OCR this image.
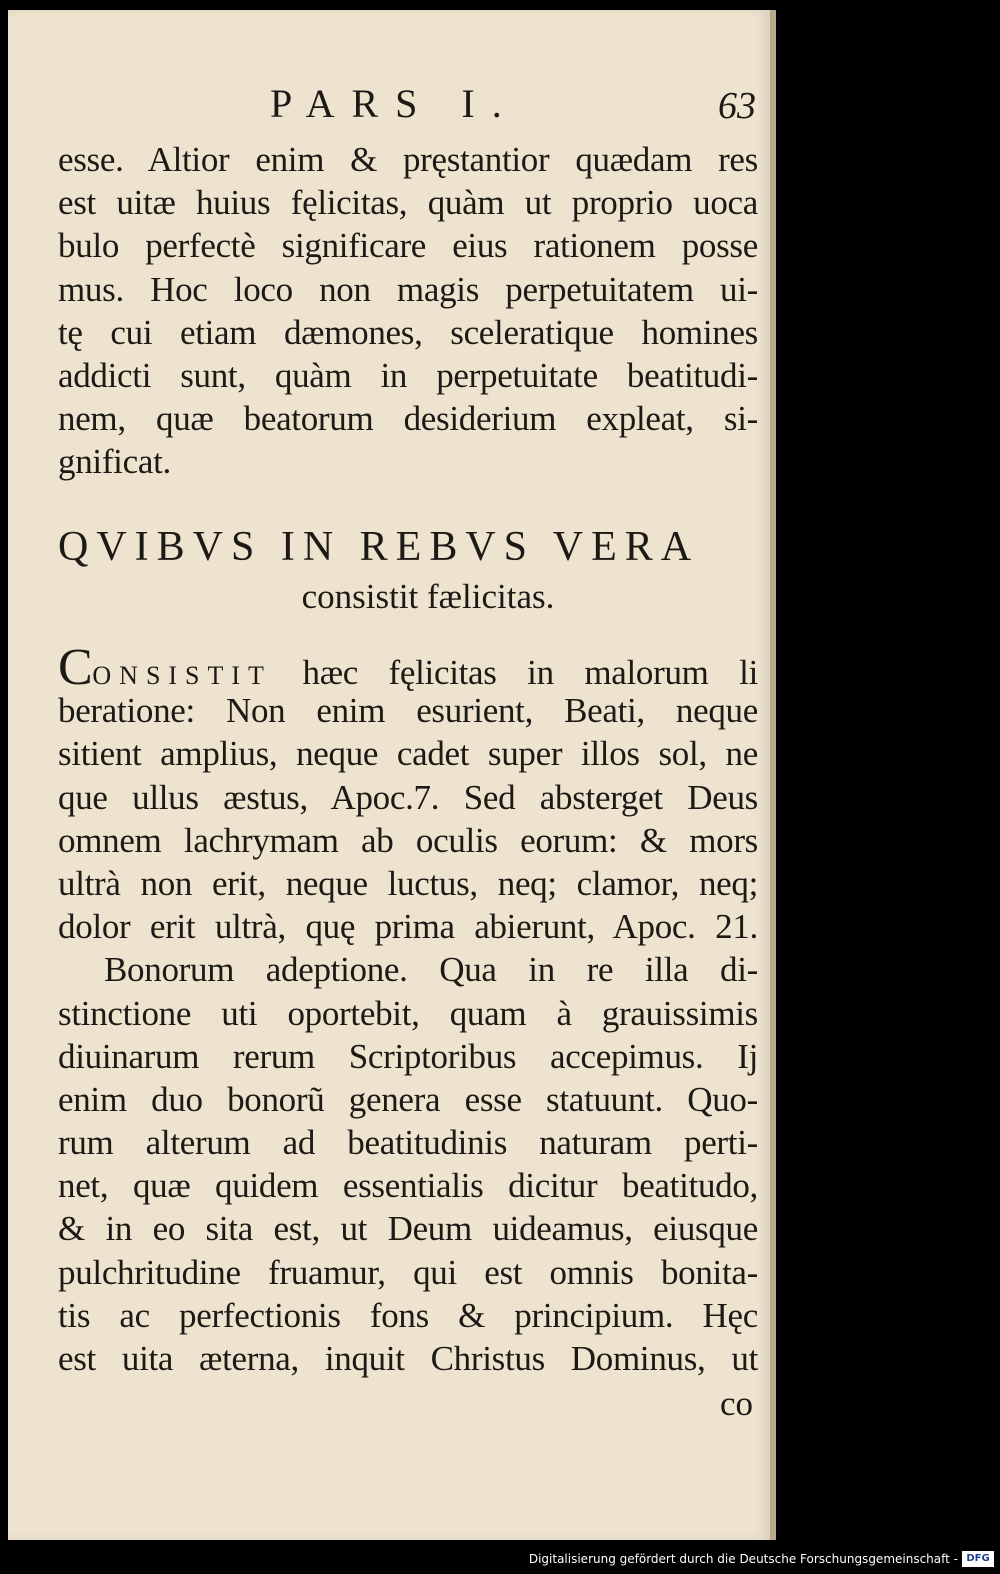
PARS I.	63
esse. Altior enim & pręstantior quædam res
est uitæ huius fęlicitas, quàm ut proprio uoca
bulo perfectè significare eius rationem posse
mus. Hoc loco non magis perpetuitatem ui-
tę cui etiam dæmones, sceleratique homines
addicti sunt, quàm in perpetuitate beatitudi-
nem, quæ beatorum desiderium expleat, si-
gnificat.
QVIBVS IN REBVS VERA
consistit fælicitas.
CONSISTIT hæc fęlicitas in malorum li
beratione: Non enim esurient, Beati, neque
sitient amplius, neque cadet super illos sol, ne
que ullus æstus, Apoc.7. Sed absterget Deus
omnem lachrymam ab oculis eorum: & mors
ultrà non erit, neque luctus, neq; clamor, neq;
dolor erit ultrà, quę prima abierunt, Apoc. 21.
Bonorum adeptione. Qua in re illa di-
stinctione uti oportebit, quam à grauissimis
diuinarum rerum Scriptoribus accepimus. Ij
enim duo bonorũ genera esse statuunt. Quo-
rum alterum ad beatitudinis naturam perti-
net, quæ quidem essentialis dicitur beatitudo,
& in eo sita est, ut Deum uideamus, eiusque
pulchritudine fruamur, qui est omnis bonita-
tis ac perfectionis fons & principium. Hęc
est uita æterna, inquit Christus Dominus, ut
co
Digitalisierung gefördert durch die Deutsche Forschungsgemeinschaft - DFG
